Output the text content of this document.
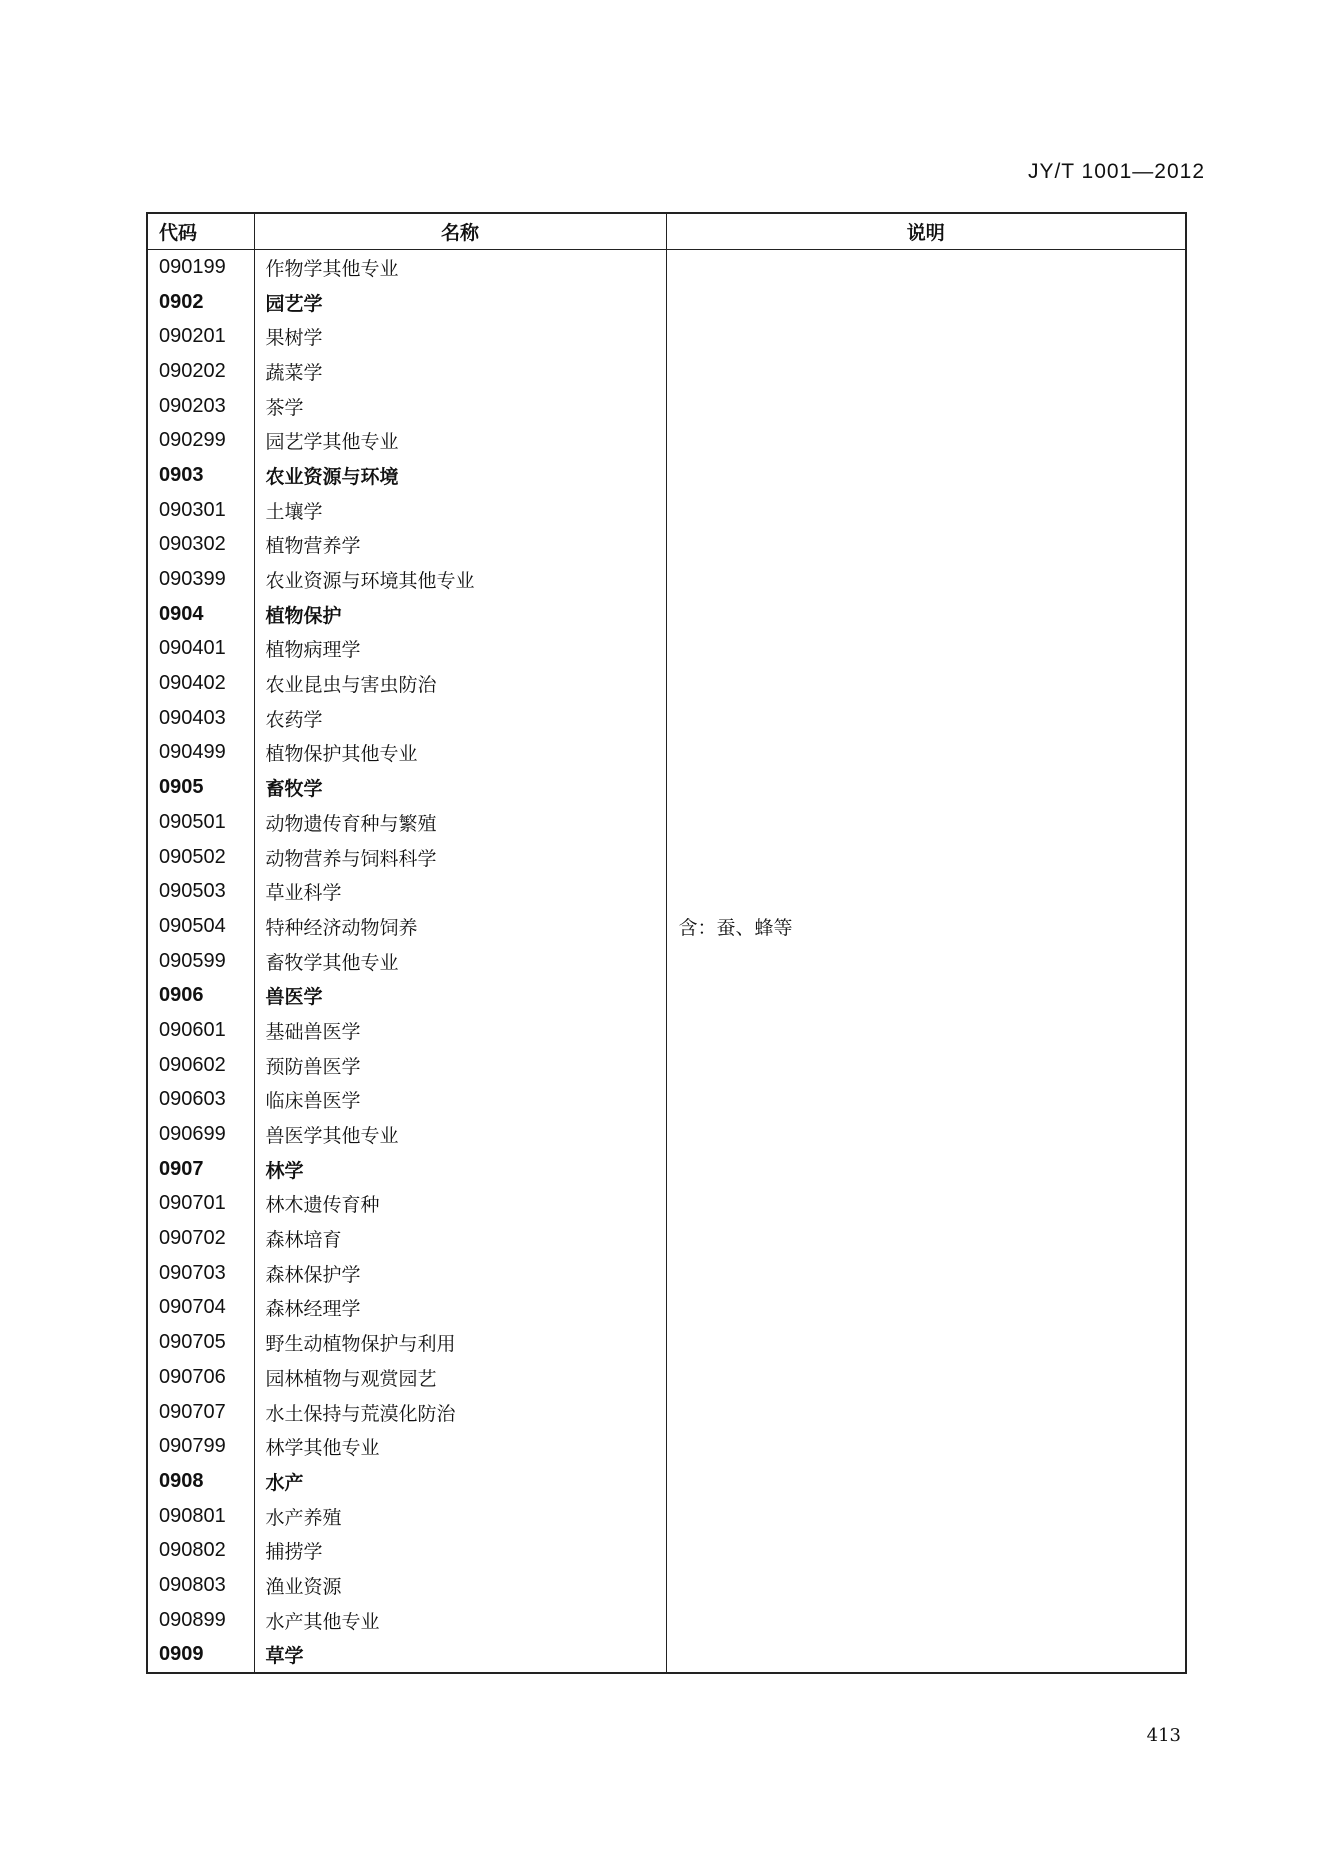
JY/T 1001—2012
代码	名称	说明
090199	作物学其他专业	
0902	园艺学	
090201	果树学	
090202	蔬菜学	
090203	茶学	
090299	园艺学其他专业	
0903	农业资源与环境	
090301	土壤学	
090302	植物营养学	
090399	农业资源与环境其他专业	
0904	植物保护	
090401	植物病理学	
090402	农业昆虫与害虫防治	
090403	农药学	
090499	植物保护其他专业	
0905	畜牧学	
090501	动物遗传育种与繁殖	
090502	动物营养与饲料科学	
090503	草业科学	
090504	特种经济动物饲养	含：蚕、蜂等
090599	畜牧学其他专业	
0906	兽医学	
090601	基础兽医学	
090602	预防兽医学	
090603	临床兽医学	
090699	兽医学其他专业	
0907	林学	
090701	林木遗传育种	
090702	森林培育	
090703	森林保护学	
090704	森林经理学	
090705	野生动植物保护与利用	
090706	园林植物与观赏园艺	
090707	水土保持与荒漠化防治	
090799	林学其他专业	
0908	水产	
090801	水产养殖	
090802	捕捞学	
090803	渔业资源	
090899	水产其他专业	
0909	草学	
413
